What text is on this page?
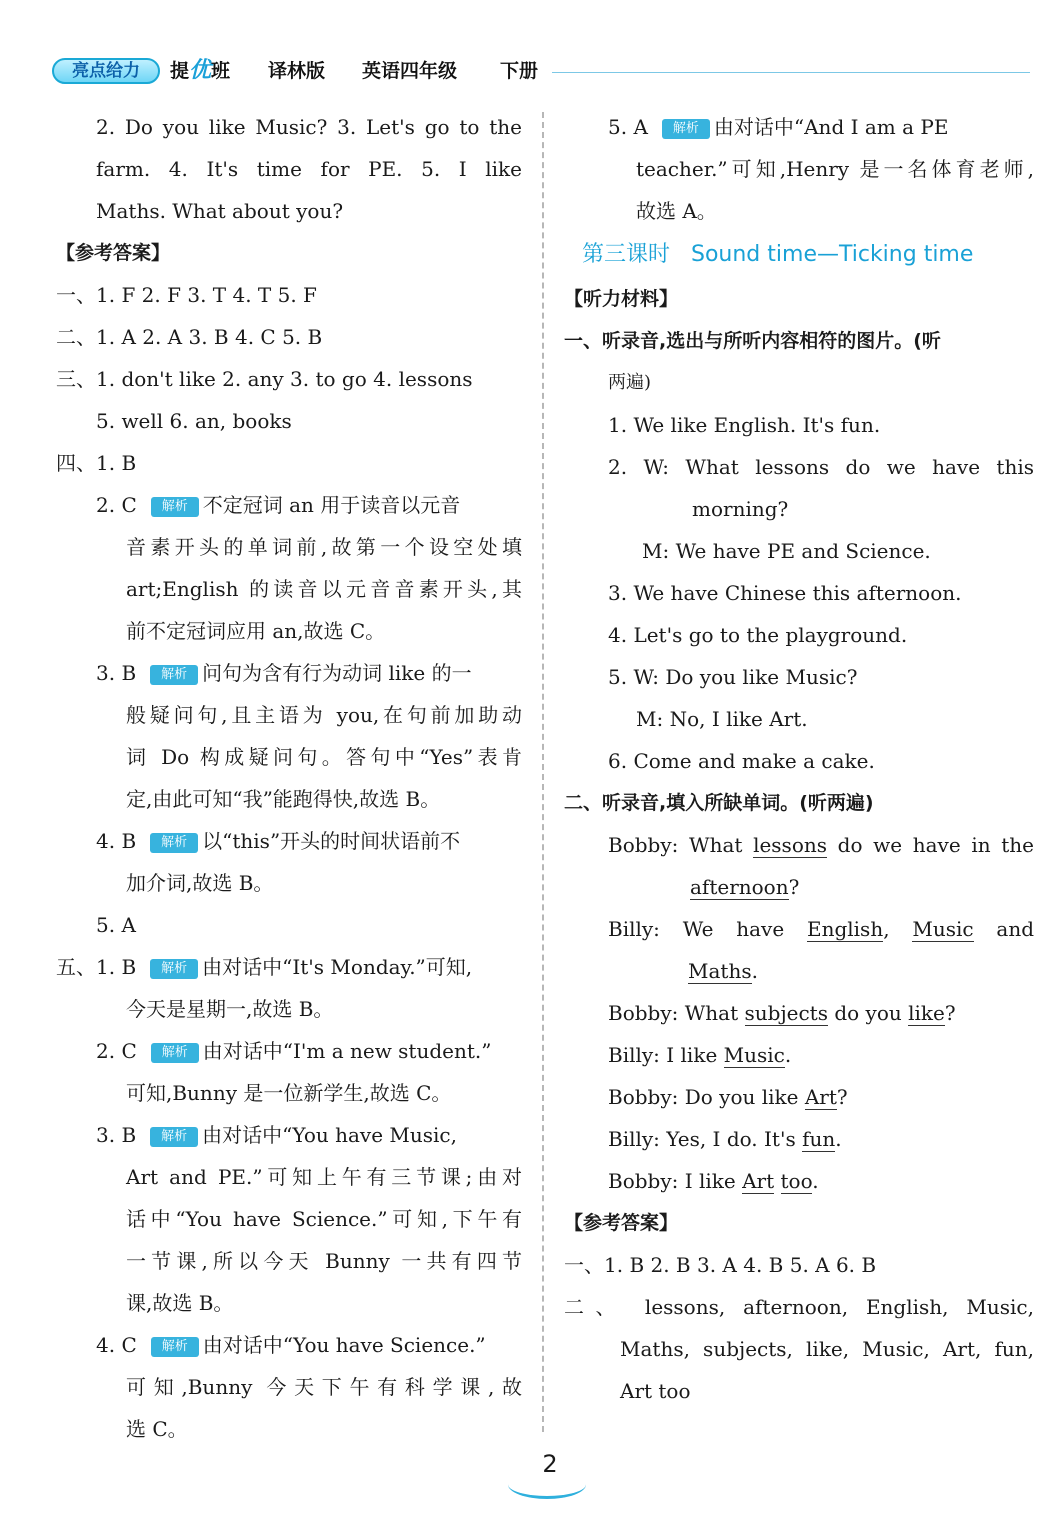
亮点给力	提优班 译林版 英语四年级 下册
2. Do you like Music? 3. Let's go to the
farm. 4. It's time for PE. 5. I like
Maths. What about you?
【参考答案】
一、1. F 2. F 3. T 4. T 5. F
二、1. A 2. A 3. B 4. C 5. B
三、1. don't like 2. any 3. to go 4. lessons
5. well 6. an, books
四、1. B
2. C 解析 不定冠词 an 用于读音以元音
音素开头的单词前,故第一个设空处填
art;English 的读音以元音音素开头,其
前不定冠词应用 an,故选 C。
3. B 解析 问句为含有行为动词 like 的一
般疑问句,且主语为 you,在句前加助动
词 Do 构成疑问句。答句中“Yes”表肯
定,由此可知“我”能跑得快,故选 B。
4. B 解析 以“this”开头的时间状语前不
加介词,故选 B。
5. A
五、1. B 解析 由对话中“It's Monday.”可知,
今天是星期一,故选 B。
2. C 解析 由对话中“I'm a new student.”
可知,Bunny 是一位新学生,故选 C。
3. B 解析 由对话中“You have Music,
Art and PE.”可知上午有三节课;由对
话中“You have Science.”可知,下午有
一节课,所以今天 Bunny 一共有四节
课,故选 B。
4. C 解析 由对话中“You have Science.”
可知,Bunny 今天下午有科学课,故
选 C。
5. A 解析 由对话中“And I am a PE
teacher.”可知,Henry 是一名体育老师,
故选 A。
第三课时 Sound time—Ticking time
【听力材料】
一、听录音,选出与所听内容相符的图片。(听
两遍)
1. We like English. It's fun.
2. W: What lessons do we have this
morning?
M: We have PE and Science.
3. We have Chinese this afternoon.
4. Let's go to the playground.
5. W: Do you like Music?
M: No, I like Art.
6. Come and make a cake.
二、听录音,填入所缺单词。(听两遍)
Bobby: What lessons do we have in the
afternoon?
Billy: We have English, Music and
Maths.
Bobby: What subjects do you like?
Billy: I like Music.
Bobby: Do you like Art?
Billy: Yes, I do. It's fun.
Bobby: I like Art too.
【参考答案】
一、1. B 2. B 3. A 4. B 5. A 6. B
二、 lessons, afternoon, English, Music,
Maths, subjects, like, Music, Art, fun,
Art too
2
